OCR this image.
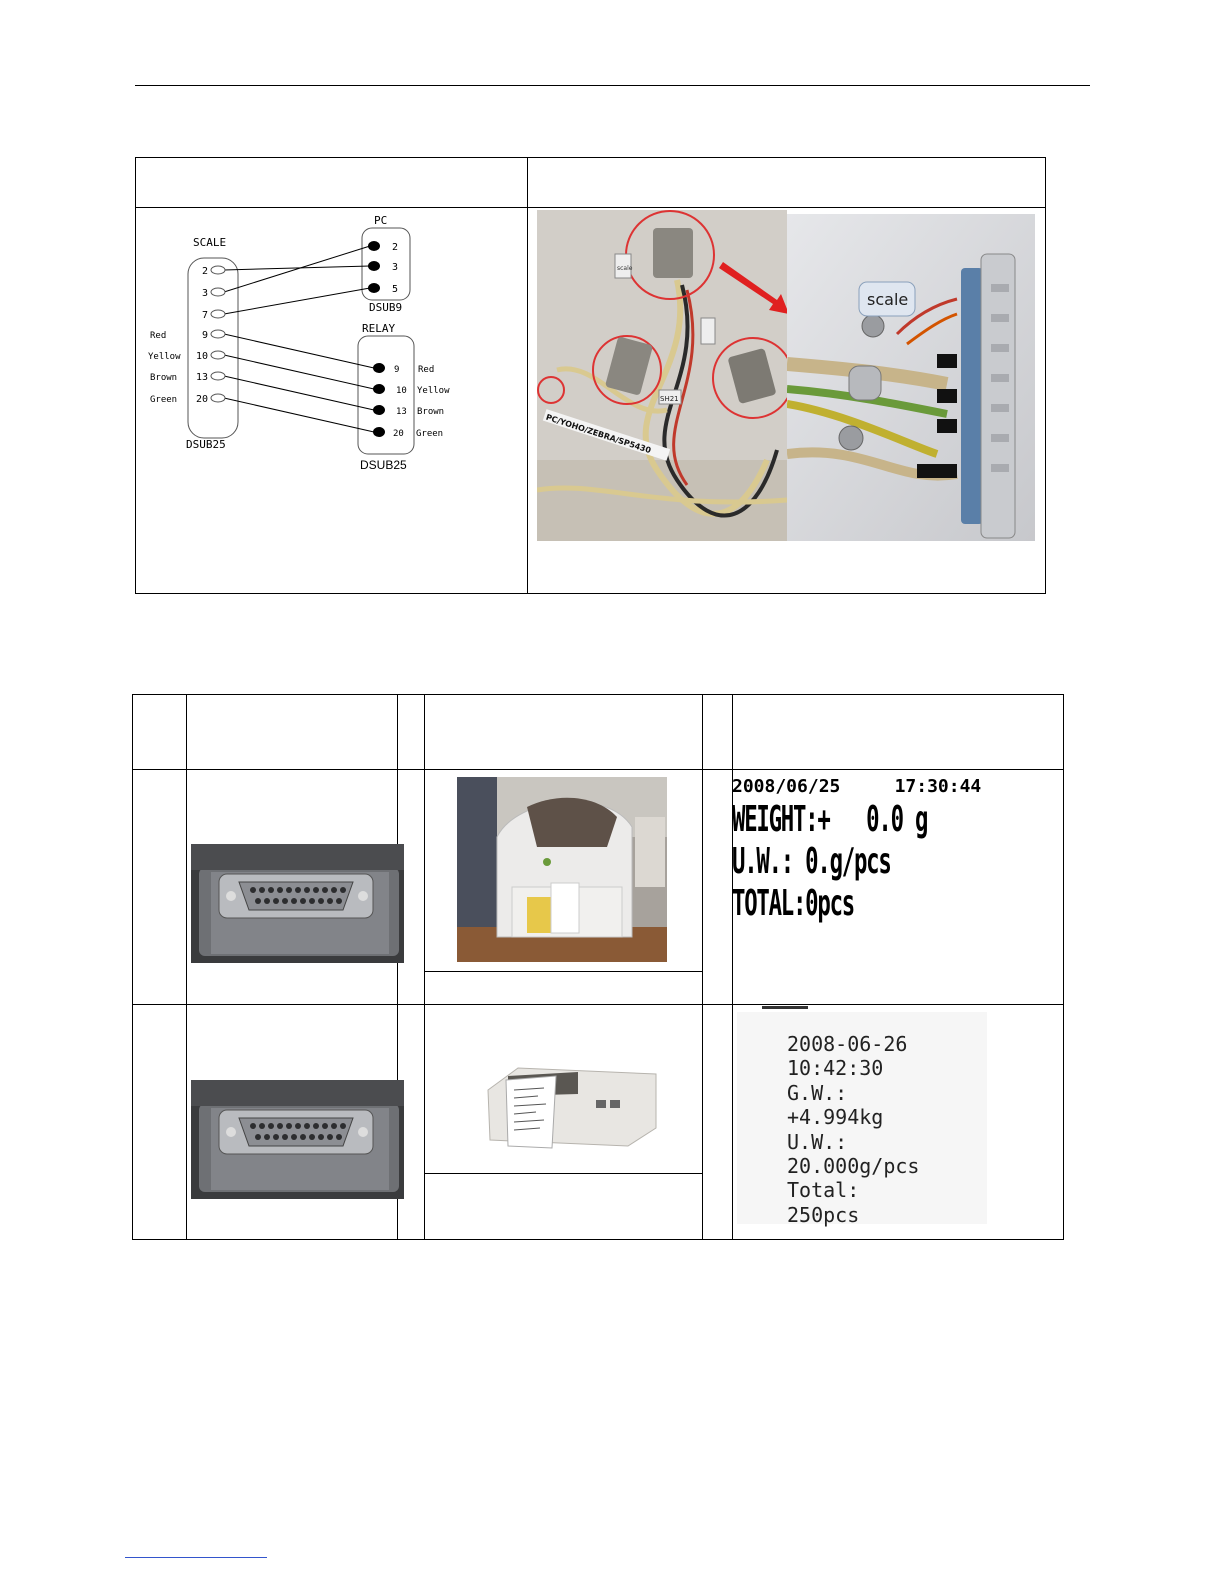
SCALE
PC
DSUB9
RELAY
DSUB25
DSUB25
2
3
7
9
10
13
20
Red
Yellow
Brown
Green
2
3
5
9
10
13
20
Red
Yellow
Brown
Green
scale
SH21
PC/YOHO/ZEBRA/SP5430
scale

2008/06/25	17:30:44
WEIGHT:+   0.0 g
U.W.: 0.g/pcs
TOTAL:0pcs
2008-06-26
10:42:30
G.W.:
+4.994kg
U.W.:
20.000g/pcs
Total:
250pcs
